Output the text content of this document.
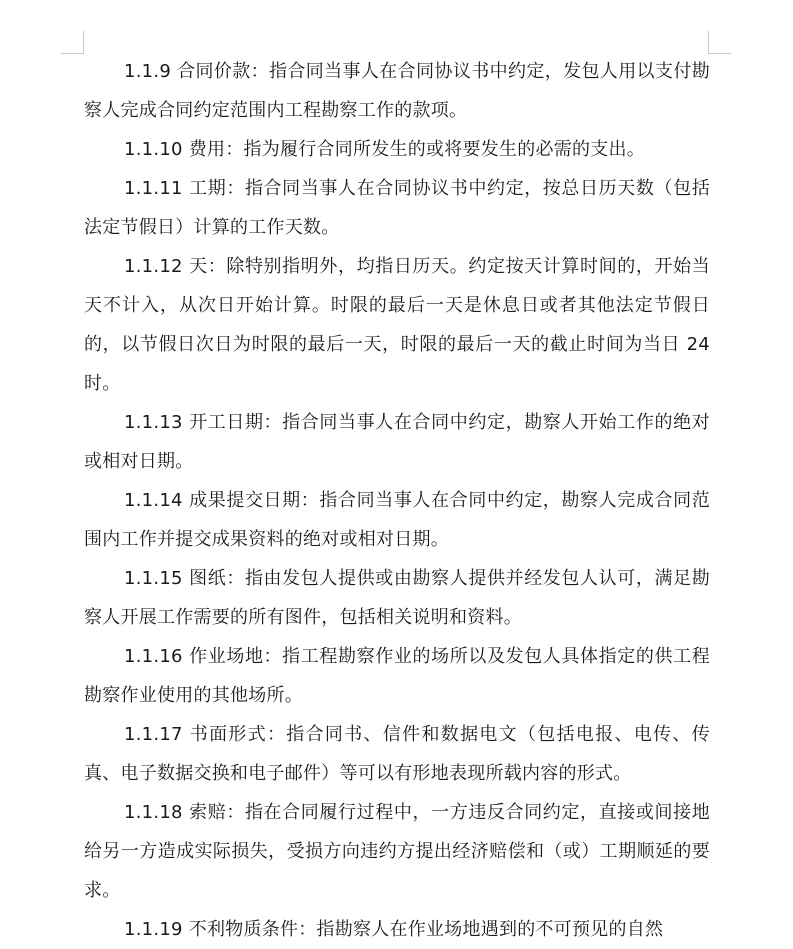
1.1.9 合同价款：指合同当事人在合同协议书中约定，发包人用以支付勘察人完成合同约定范围内工程勘察工作的款项。

1.1.10 费用：指为履行合同所发生的或将要发生的必需的支出。

1.1.11 工期：指合同当事人在合同协议书中约定，按总日历天数（包括法定节假日）计算的工作天数。

1.1.12 天：除特别指明外，均指日历天。约定按天计算时间的，开始当天不计入，从次日开始计算。时限的最后一天是休息日或者其他法定节假日的，以节假日次日为时限的最后一天，时限的最后一天的截止时间为当日 24 时。

1.1.13 开工日期：指合同当事人在合同中约定，勘察人开始工作的绝对或相对日期。

1.1.14 成果提交日期：指合同当事人在合同中约定，勘察人完成合同范围内工作并提交成果资料的绝对或相对日期。

1.1.15 图纸：指由发包人提供或由勘察人提供并经发包人认可，满足勘察人开展工作需要的所有图件，包括相关说明和资料。

1.1.16 作业场地：指工程勘察作业的场所以及发包人具体指定的供工程勘察作业使用的其他场所。

1.1.17 书面形式：指合同书、信件和数据电文（包括电报、电传、传真、电子数据交换和电子邮件）等可以有形地表现所载内容的形式。

1.1.18 索赔：指在合同履行过程中，一方违反合同约定，直接或间接地给另一方造成实际损失，受损方向违约方提出经济赔偿和（或）工期顺延的要求。

1.1.19 不利物质条件：指勘察人在作业场地遇到的不可预见的自然
